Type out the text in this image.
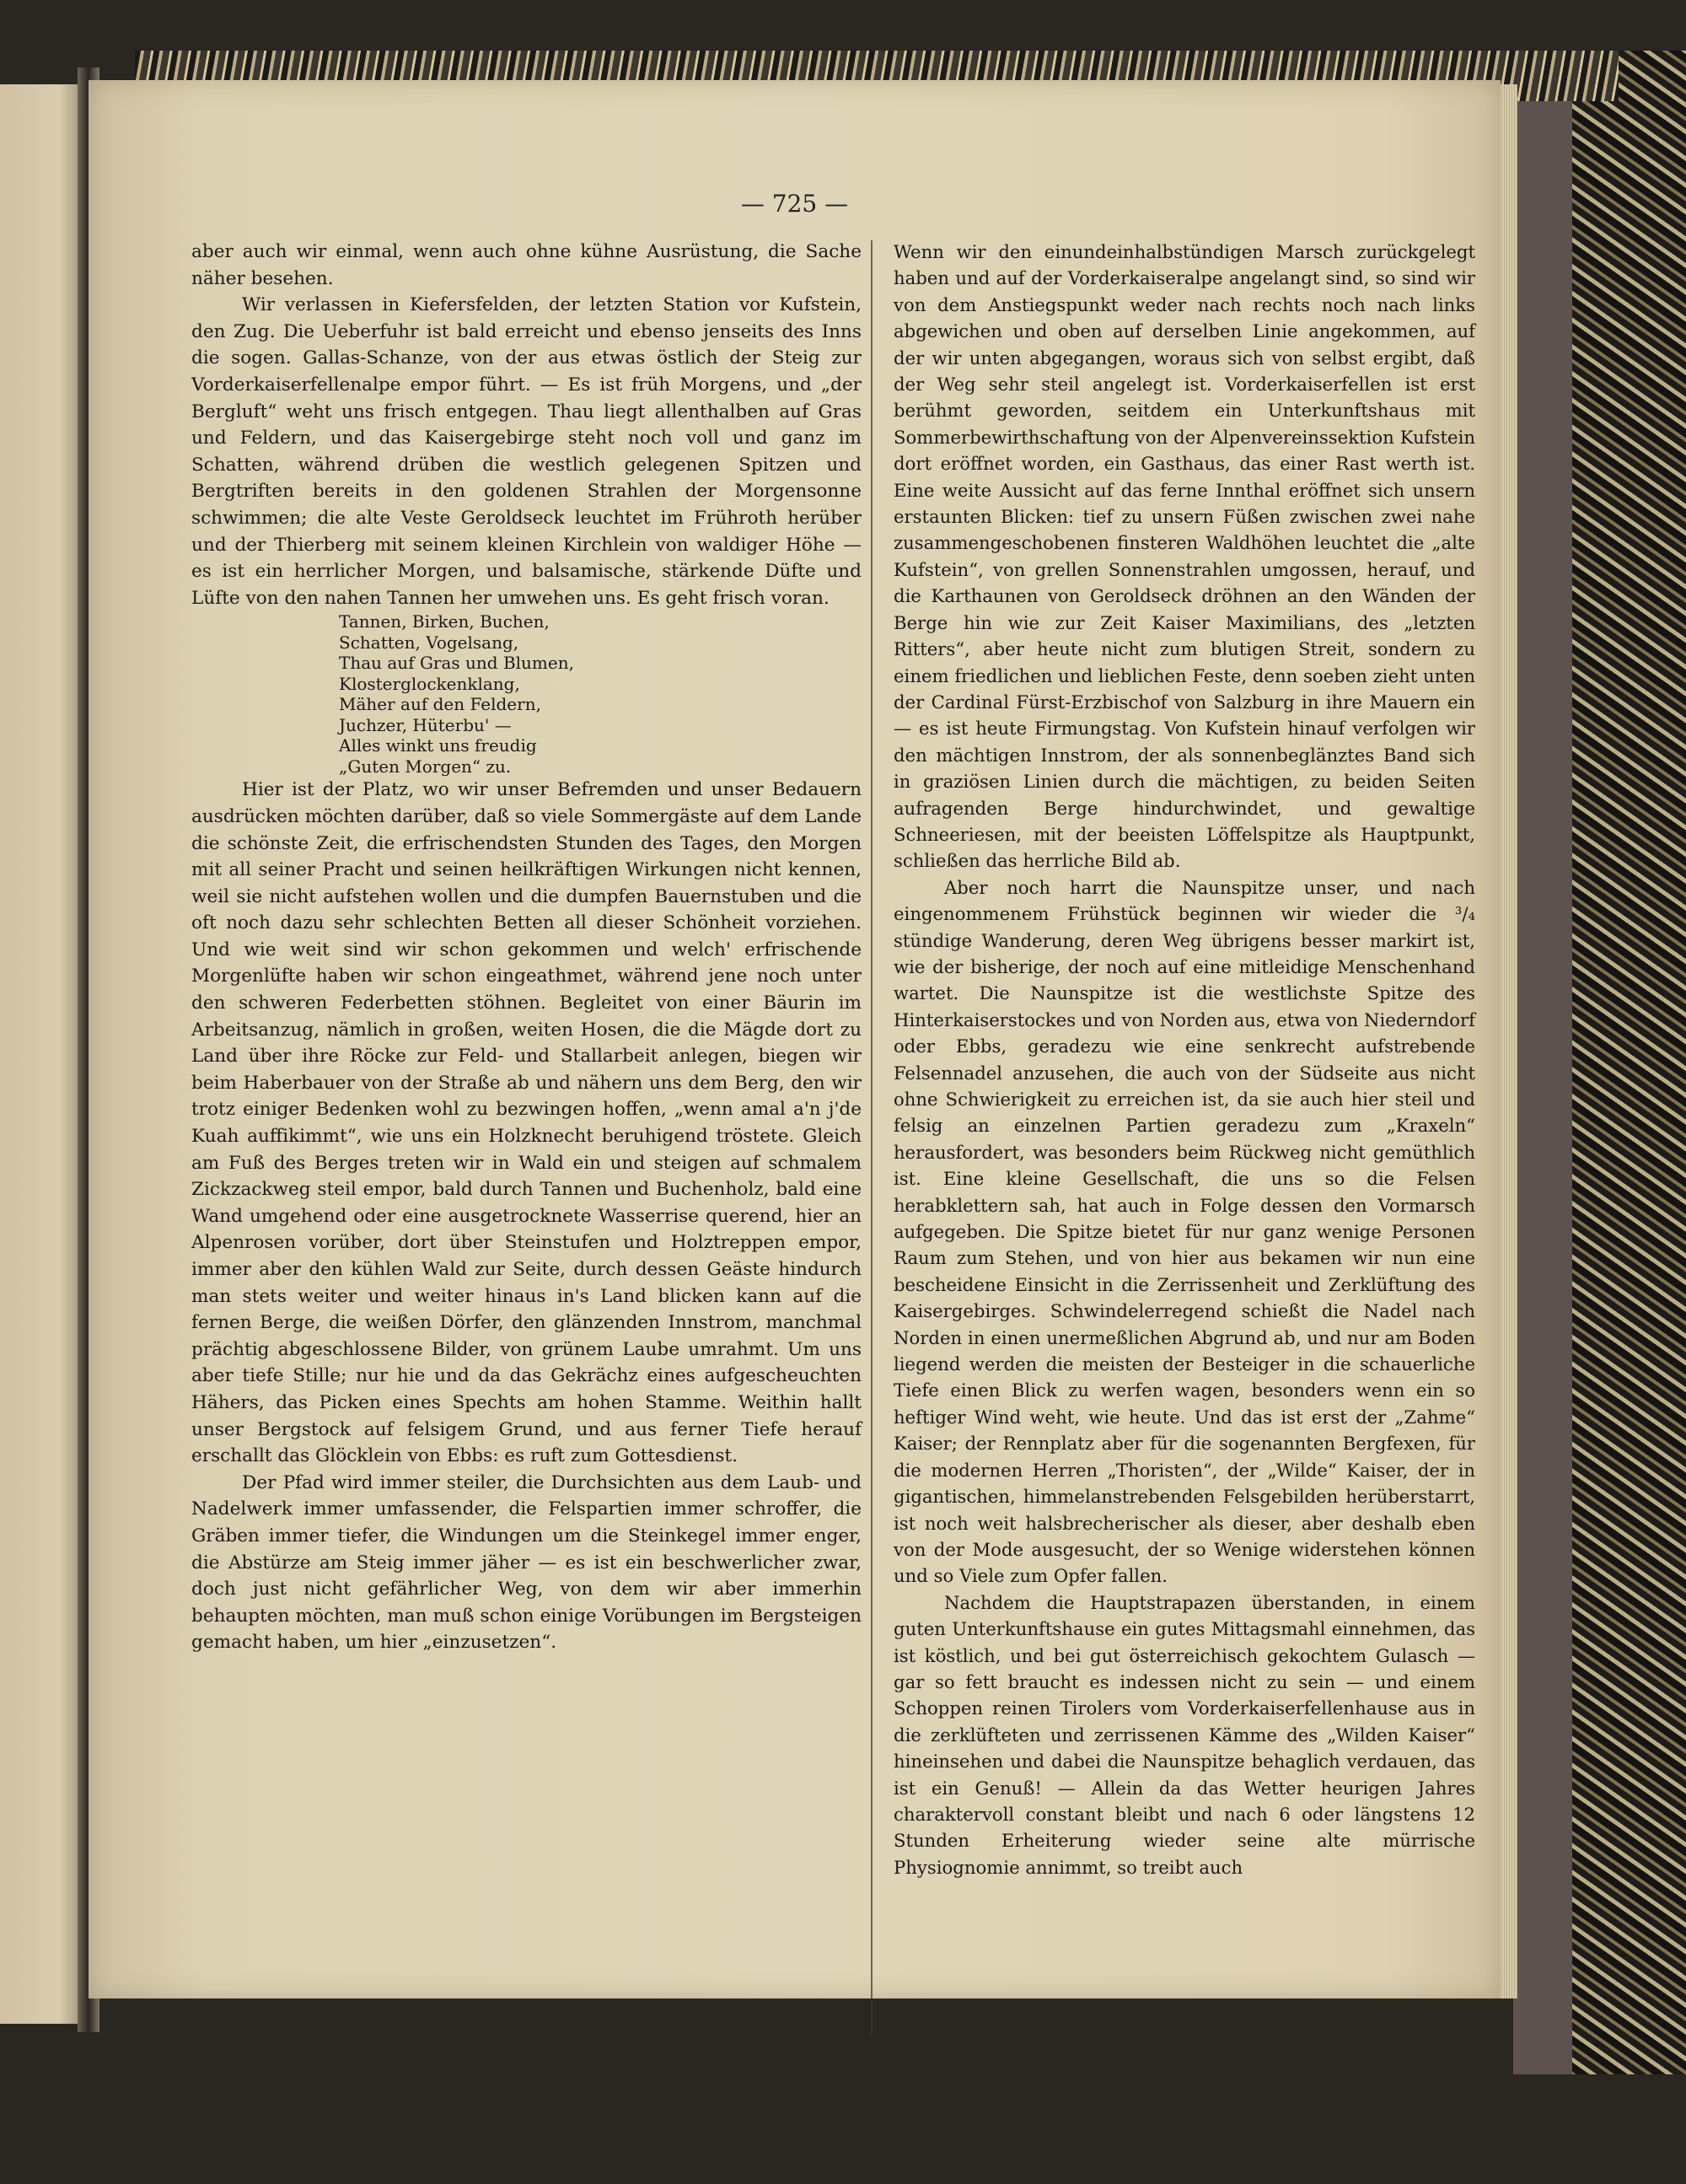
— 725 —

aber auch wir einmal, wenn auch ohne kühne Ausrüstung, die Sache näher besehen.

Wir verlassen in Kiefersfelden, der letzten Station vor Kufstein, den Zug. Die Ueberfuhr ist bald erreicht und ebenso jenseits des Inns die sogen. Gallas-Schanze, von der aus etwas östlich der Steig zur Vorderkaiserfellenalpe empor führt. — Es ist früh Morgens, und „der Bergluft“ weht uns frisch entgegen. Thau liegt allenthalben auf Gras und Feldern, und das Kaisergebirge steht noch voll und ganz im Schatten, während drüben die westlich gelegenen Spitzen und Bergtriften bereits in den goldenen Strahlen der Morgensonne schwimmen; die alte Veste Geroldseck leuchtet im Frühroth herüber und der Thierberg mit seinem kleinen Kirchlein von waldiger Höhe — es ist ein herrlicher Morgen, und balsamische, stärkende Düfte und Lüfte von den nahen Tannen her umwehen uns. Es geht frisch voran.

Tannen, Birken, Buchen,
Schatten, Vogelsang,
Thau auf Gras und Blumen,
Klosterglockenklang,
Mäher auf den Feldern,
Juchzer, Hüterbu' —
Alles winkt uns freudig
„Guten Morgen“ zu.

Hier ist der Platz, wo wir unser Befremden und unser Bedauern ausdrücken möchten darüber, daß so viele Sommergäste auf dem Lande die schönste Zeit, die erfrischendsten Stunden des Tages, den Morgen mit all seiner Pracht und seinen heilkräftigen Wirkungen nicht kennen, weil sie nicht aufstehen wollen und die dumpfen Bauernstuben und die oft noch dazu sehr schlechten Betten all dieser Schönheit vorziehen. Und wie weit sind wir schon gekommen und welch' erfrischende Morgenlüfte haben wir schon eingeathmet, während jene noch unter den schweren Federbetten stöhnen. Begleitet von einer Bäurin im Arbeitsanzug, nämlich in großen, weiten Hosen, die die Mägde dort zu Land über ihre Röcke zur Feld- und Stallarbeit anlegen, biegen wir beim Haberbauer von der Straße ab und nähern uns dem Berg, den wir trotz einiger Bedenken wohl zu bezwingen hoffen, „wenn amal a'n j'de Kuah auffikimmt“, wie uns ein Holzknecht beruhigend tröstete. Gleich am Fuß des Berges treten wir in Wald ein und steigen auf schmalem Zickzackweg steil empor, bald durch Tannen und Buchenholz, bald eine Wand umgehend oder eine ausgetrocknete Wasserrise querend, hier an Alpenrosen vorüber, dort über Steinstufen und Holztreppen empor, immer aber den kühlen Wald zur Seite, durch dessen Geäste hindurch man stets weiter und weiter hinaus in's Land blicken kann auf die fernen Berge, die weißen Dörfer, den glänzenden Innstrom, manchmal prächtig abgeschlossene Bilder, von grünem Laube umrahmt. Um uns aber tiefe Stille; nur hie und da das Gekrächz eines aufgescheuchten Hähers, das Picken eines Spechts am hohen Stamme. Weithin hallt unser Bergstock auf felsigem Grund, und aus ferner Tiefe herauf erschallt das Glöcklein von Ebbs: es ruft zum Gottesdienst.

Der Pfad wird immer steiler, die Durchsichten aus dem Laub- und Nadelwerk immer umfassender, die Felspartien immer schroffer, die Gräben immer tiefer, die Windungen um die Steinkegel immer enger, die Abstürze am Steig immer jäher — es ist ein beschwerlicher zwar, doch just nicht gefährlicher Weg, von dem wir aber immerhin behaupten möchten, man muß schon einige Vorübungen im Bergsteigen gemacht haben, um hier „einzusetzen“.

Wenn wir den einundeinhalbstündigen Marsch zurückgelegt haben und auf der Vorderkaiseralpe angelangt sind, so sind wir von dem Anstiegspunkt weder nach rechts noch nach links abgewichen und oben auf derselben Linie angekommen, auf der wir unten abgegangen, woraus sich von selbst ergibt, daß der Weg sehr steil angelegt ist. Vorderkaiserfellen ist erst berühmt geworden, seitdem ein Unterkunftshaus mit Sommerbewirthschaftung von der Alpenvereinssektion Kufstein dort eröffnet worden, ein Gasthaus, das einer Rast werth ist. Eine weite Aussicht auf das ferne Innthal eröffnet sich unsern erstaunten Blicken: tief zu unsern Füßen zwischen zwei nahe zusammengeschobenen finsteren Waldhöhen leuchtet die „alte Kufstein“, von grellen Sonnenstrahlen umgossen, herauf, und die Karthaunen von Geroldseck dröhnen an den Wänden der Berge hin wie zur Zeit Kaiser Maximilians, des „letzten Ritters“, aber heute nicht zum blutigen Streit, sondern zu einem friedlichen und lieblichen Feste, denn soeben zieht unten der Cardinal Fürst-Erzbischof von Salzburg in ihre Mauern ein — es ist heute Firmungstag. Von Kufstein hinauf verfolgen wir den mächtigen Innstrom, der als sonnenbeglänztes Band sich in graziösen Linien durch die mächtigen, zu beiden Seiten aufragenden Berge hindurchwindet, und gewaltige Schneeriesen, mit der beeisten Löffelspitze als Hauptpunkt, schließen das herrliche Bild ab.

Aber noch harrt die Naunspitze unser, und nach eingenommenem Frühstück beginnen wir wieder die ³/₄ stündige Wanderung, deren Weg übrigens besser markirt ist, wie der bisherige, der noch auf eine mitleidige Menschenhand wartet. Die Naunspitze ist die westlichste Spitze des Hinterkaiserstockes und von Norden aus, etwa von Niederndorf oder Ebbs, geradezu wie eine senkrecht aufstrebende Felsennadel anzusehen, die auch von der Südseite aus nicht ohne Schwierigkeit zu erreichen ist, da sie auch hier steil und felsig an einzelnen Partien geradezu zum „Kraxeln“ herausfordert, was besonders beim Rückweg nicht gemüthlich ist. Eine kleine Gesellschaft, die uns so die Felsen herabklettern sah, hat auch in Folge dessen den Vormarsch aufgegeben. Die Spitze bietet für nur ganz wenige Personen Raum zum Stehen, und von hier aus bekamen wir nun eine bescheidene Einsicht in die Zerrissenheit und Zerklüftung des Kaisergebirges. Schwindelerregend schießt die Nadel nach Norden in einen unermeßlichen Abgrund ab, und nur am Boden liegend werden die meisten der Besteiger in die schauerliche Tiefe einen Blick zu werfen wagen, besonders wenn ein so heftiger Wind weht, wie heute. Und das ist erst der „Zahme“ Kaiser; der Rennplatz aber für die sogenannten Bergfexen, für die modernen Herren „Thoristen“, der „Wilde“ Kaiser, der in gigantischen, himmelanstrebenden Felsgebilden herüberstarrt, ist noch weit halsbrecherischer als dieser, aber deshalb eben von der Mode ausgesucht, der so Wenige widerstehen können und so Viele zum Opfer fallen.

Nachdem die Hauptstrapazen überstanden, in einem guten Unterkunftshause ein gutes Mittagsmahl einnehmen, das ist köstlich, und bei gut österreichisch gekochtem Gulasch — gar so fett braucht es indessen nicht zu sein — und einem Schoppen reinen Tirolers vom Vorderkaiserfellenhause aus in die zerklüfteten und zerrissenen Kämme des „Wilden Kaiser“ hineinsehen und dabei die Naunspitze behaglich verdauen, das ist ein Genuß! — Allein da das Wetter heurigen Jahres charaktervoll constant bleibt und nach 6 oder längstens 12 Stunden Erheiterung wieder seine alte mürrische Physiognomie annimmt, so treibt auch
